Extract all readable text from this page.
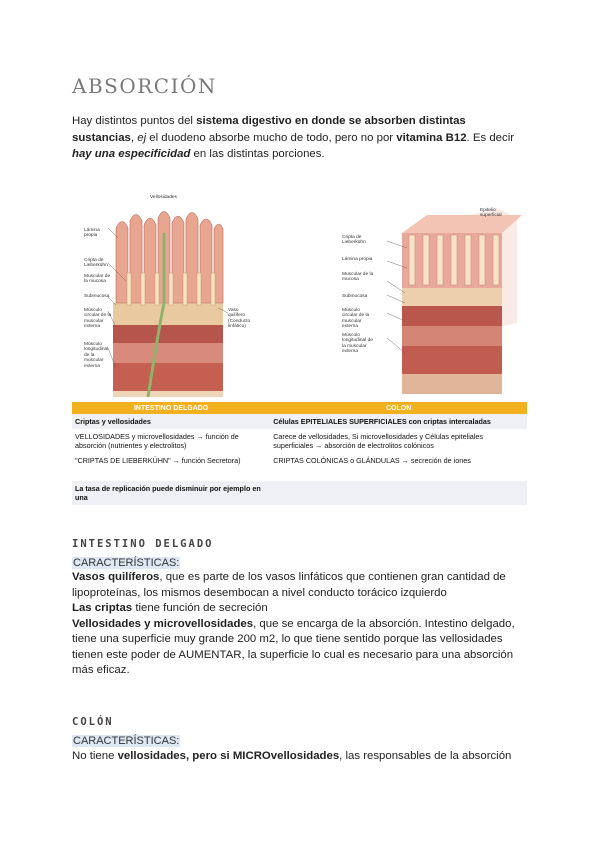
ABSORCIÓN
Hay distintos puntos del sistema digestivo en donde se absorben distintas sustancias, ej el duodeno absorbe mucho de todo, pero no por vitamina B12. Es decir hay una especificidad en las distintas porciones.
Vellosidades
Lámina propia
Cripta de Lieberkühn
Muscular de la mucosa
Submucosa
Músculo circular de la muscular externa
Músculo longitudinal de la muscular externa
Vaso quilífero (Conducto linfático)
Epitelio superficial
Cripta de Lieberkühn
Lámina propia
Muscular de la mucosa
Submucosa
Músculo circular de la muscular externa
Músculo longitudinal de la muscular externa
INTESTINO DELGADO	COLON
Criptas y vellosidades	Células EPITELIALES SUPERFICIALES con criptas intercaladas
VELLOSIDADES y microvellosidades → función de absorción (nutrientes y electrolitos)	Carece de vellosidades, Si microvellosidades y Células epiteliales superficiales → absorción de electrolitos colónicos
"CRIPTAS DE LIEBERKÜHN" → función Secretora)	CRIPTAS COLÓNICAS o GLÁNDULAS → secreción de iones
La tasa de replicación puede disminuir por ejemplo en una	
INTESTINO DELGADO
CARACTERÍSTICAS:
Vasos quilíferos, que es parte de los vasos linfáticos que contienen gran cantidad de lipoproteínas, los mismos desembocan a nivel conducto torácico izquierdo
Las criptas tiene función de secreción
Vellosidades y microvellosidades, que se encarga de la absorción. Intestino delgado, tiene una superficie muy grande 200 m2, lo que tiene sentido porque las vellosidades tienen este poder de AUMENTAR, la superficie lo cual es necesario para una absorción más eficaz.
COLÓN
CARACTERÍSTICAS:
No tiene vellosidades, pero si MICROvellosidades, las responsables de la absorción
